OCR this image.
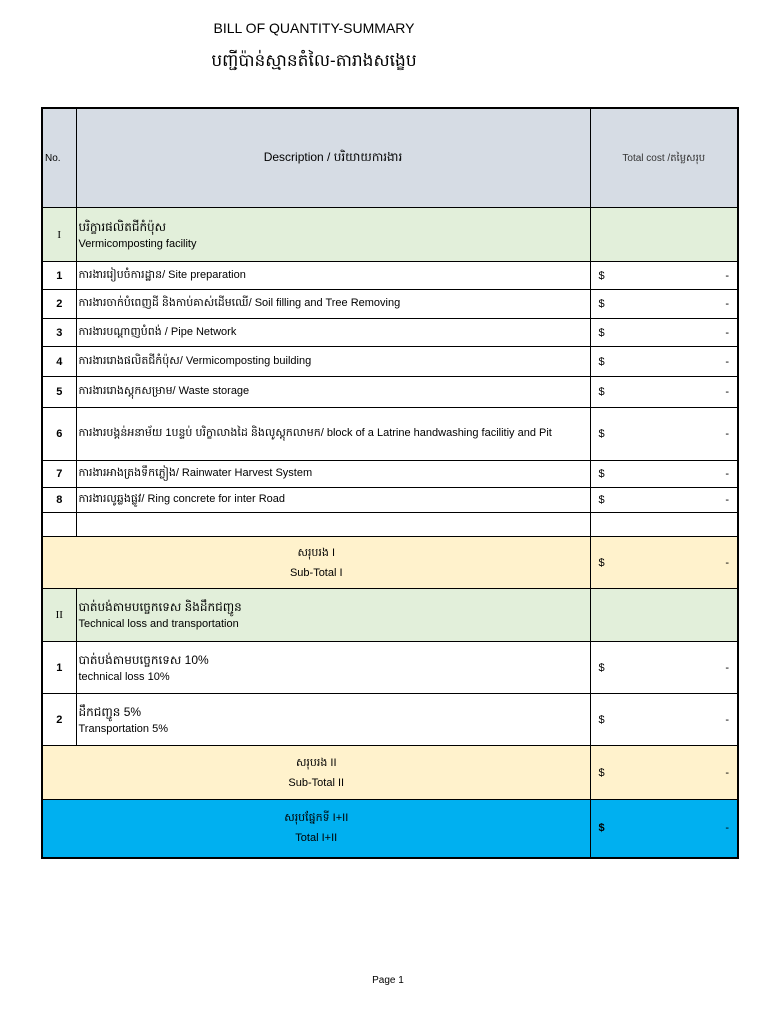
BILL OF QUANTITY-SUMMARY
បញ្ជីប៉ាន់ស្មានតំលៃ-តារាងសង្ខេប
No.	Description / បរិយាយការងារ	Total cost /តម្លៃសរុប
I	បរិក្ខារផលិតជីកំប៉ុស
Vermicomposting facility	

1	ការងាររៀបចំការដ្ឋាន/ Site preparation	$ -

2	ការងារចាក់បំពេញដី និងកាប់គាស់ដើមឈើ/ Soil filling and Tree Removing	$ -

3	ការងារបណ្តាញបំពង់ / Pipe Network	$ -

4	ការងាររោងផលិតជីកំប៉ុស/ Vermicomposting building	$ -

5	ការងាររោងស្តុកសម្រាម/ Waste storage	$ -

6	ការងារបង្គន់អនាម័យ 1បន្ទប់ បរិក្ខាលាងដៃ និងលូស្តុកលាមក/ block of a Latrine handwashing facilitiy and Pit	$ -

7	ការងារអាងត្រងទឹកភ្លៀង/ Rainwater Harvest System	$ -

8	ការងារលូឆ្លងផ្លូវ/ Ring concrete for inter Road	$ -

សរុបរង I
Sub-Total I		$ -

II	បាត់បង់តាមបច្ចេកទេស និងដឹកជញ្ជូន
Technical loss and transportation	

1	បាត់បង់តាមបច្ចេកទេស 10%
technical loss 10%	$ -

2	ដឹកជញ្ជូន 5%
Transportation 5%	$ -

សរុបរង II
Sub-Total II		$ -

សរុបផ្នែកទី I+II
Total I+II		$ -
Page 1
